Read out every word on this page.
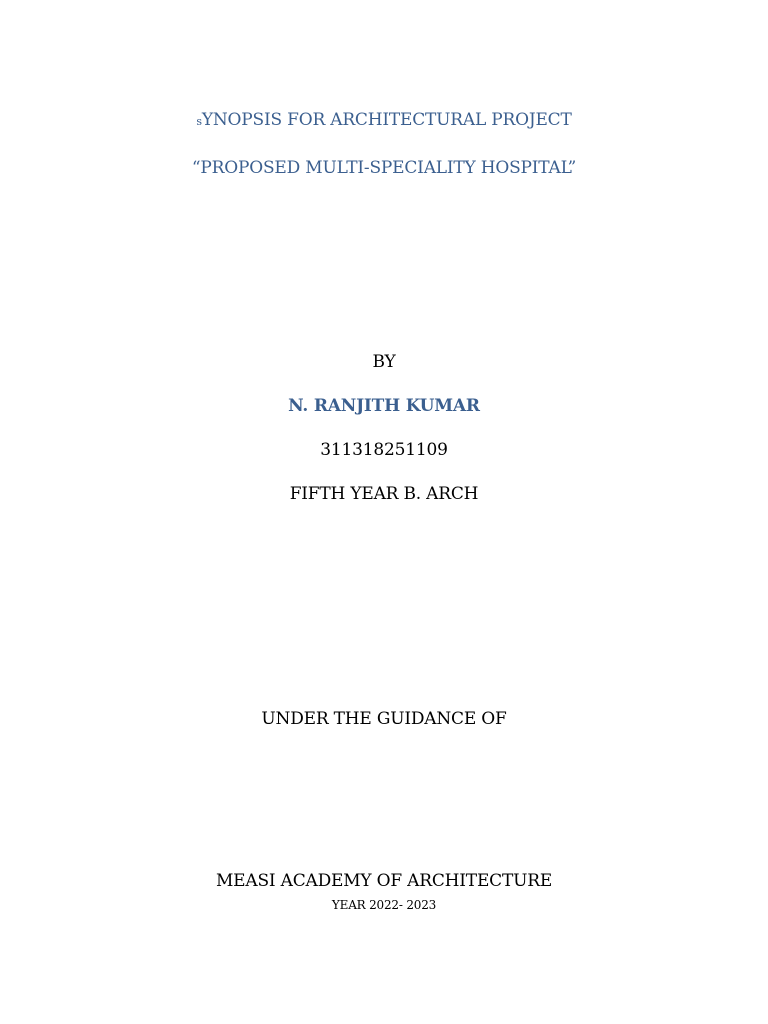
sYNOPSIS FOR ARCHITECTURAL PROJECT
“PROPOSED MULTI-SPECIALITY HOSPITAL”
BY
N. RANJITH KUMAR
311318251109
FIFTH YEAR B. ARCH
UNDER THE GUIDANCE OF
MEASI ACADEMY OF ARCHITECTURE
YEAR 2022- 2023
